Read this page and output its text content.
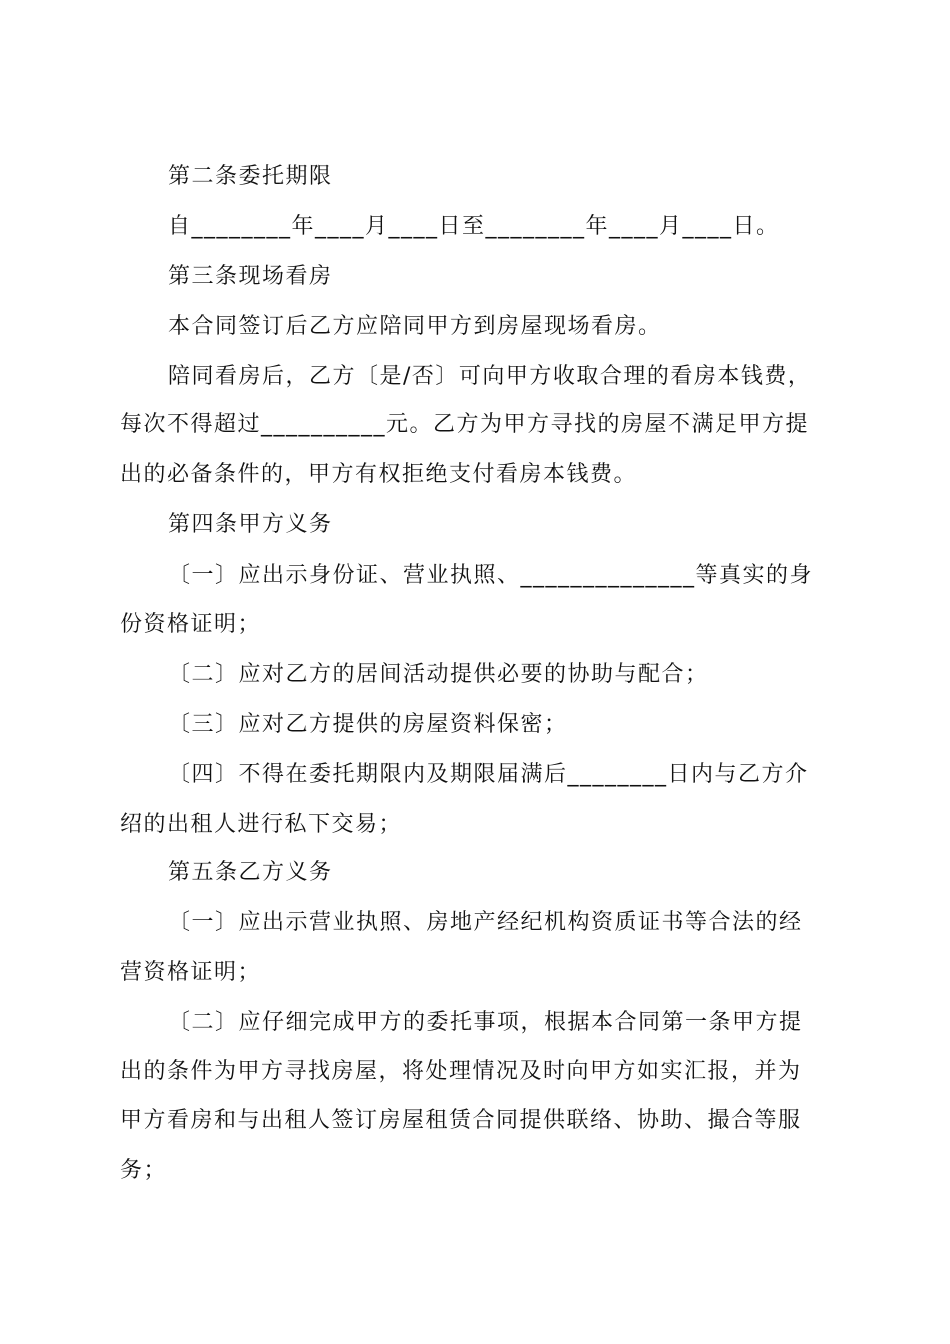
第二条委托期限
自________年____月____日至________年____月____日。
第三条现场看房
本合同签订后乙方应陪同甲方到房屋现场看房。
陪同看房后，乙方〔是/否〕可向甲方收取合理的看房本钱费，
每次不得超过__________元。乙方为甲方寻找的房屋不满足甲方提
出的必备条件的，甲方有权拒绝支付看房本钱费。
第四条甲方义务
〔一〕应出示身份证、营业执照、______________等真实的身
份资格证明；
〔二〕应对乙方的居间活动提供必要的协助与配合；
〔三〕应对乙方提供的房屋资料保密；
〔四〕不得在委托期限内及期限届满后________日内与乙方介
绍的出租人进行私下交易；
第五条乙方义务
〔一〕应出示营业执照、房地产经纪机构资质证书等合法的经
营资格证明；
〔二〕应仔细完成甲方的委托事项，根据本合同第一条甲方提
出的条件为甲方寻找房屋，将处理情况及时向甲方如实汇报，并为
甲方看房和与出租人签订房屋租赁合同提供联络、协助、撮合等服
务；
